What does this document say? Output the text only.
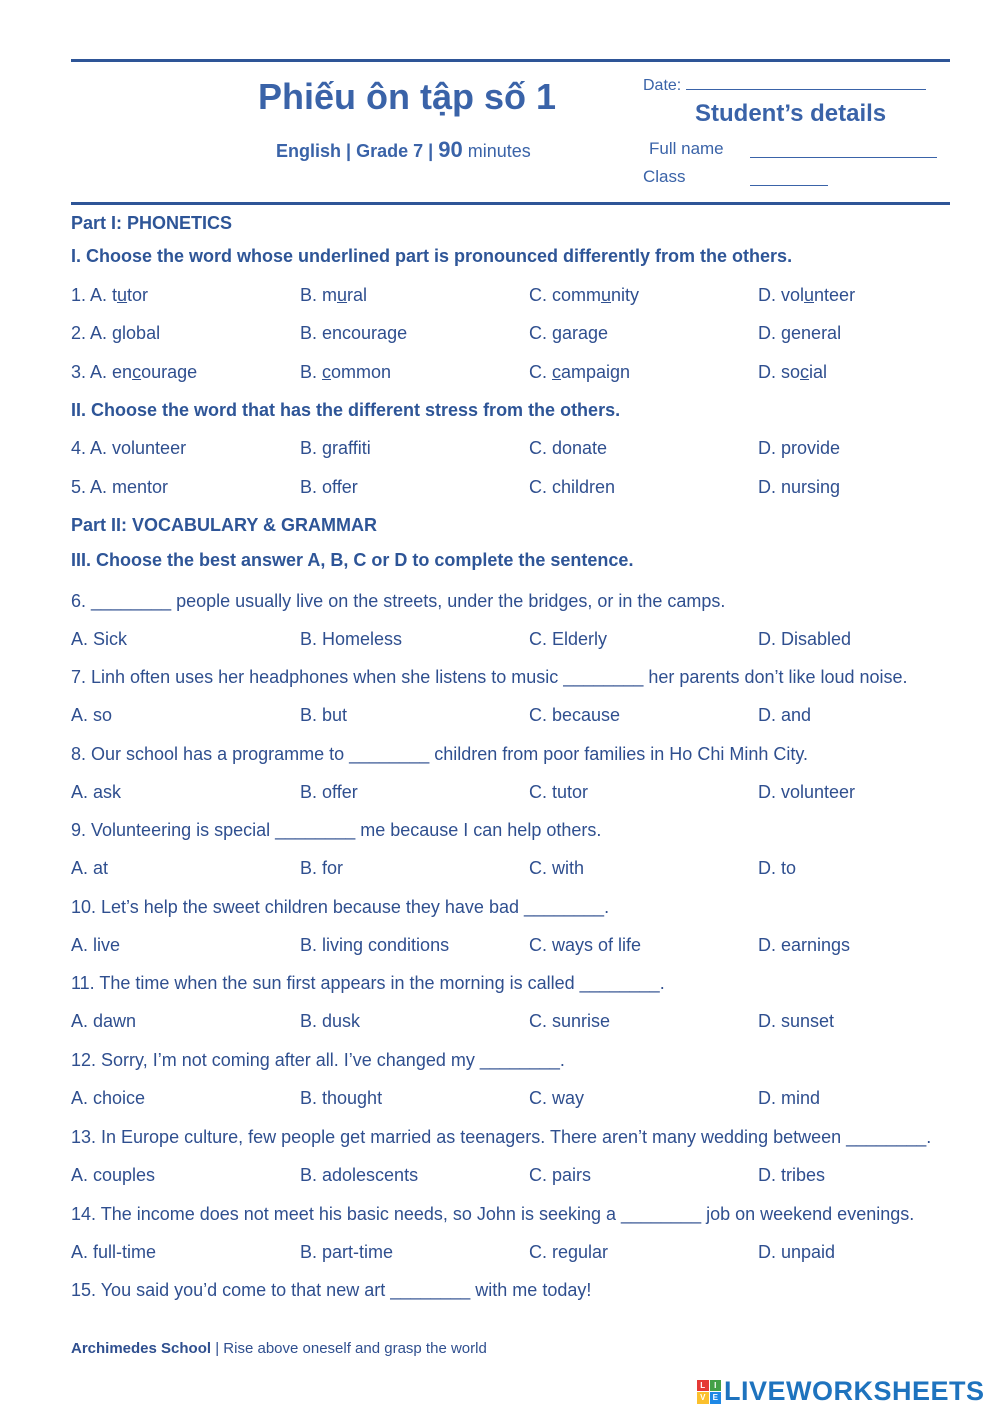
Phiếu ôn tập số 1
English | Grade 7 | 90 minutes
Date:
Student’s details
Full name
Class
Part I: PHONETICS
I. Choose the word whose underlined part is pronounced differently from the others.
1. A. tutor	B. mural	C. community	D. volunteer
2. A. global	B. encourage	C. garage	D. general
3. A. encourage	B. common	C. campaign	D. social
II. Choose the word that has the different stress from the others.
4. A. volunteer	B. graffiti	C. donate	D. provide
5. A. mentor	B. offer	C. children	D. nursing
Part II: VOCABULARY & GRAMMAR
III. Choose the best answer A, B, C or D to complete the sentence.
6. ________ people usually live on the streets, under the bridges, or in the camps.
A. Sick	B. Homeless	C. Elderly	D. Disabled
7. Linh often uses her headphones when she listens to music ________ her parents don’t like loud noise.
A. so	B. but	C. because	D. and
8. Our school has a programme to ________ children from poor families in Ho Chi Minh City.
A. ask	B. offer	C. tutor	D. volunteer
9. Volunteering is special ________ me because I can help others.
A. at	B. for	C. with	D. to
10. Let’s help the sweet children because they have bad ________.
A. live	B. living conditions	C. ways of life	D. earnings
11. The time when the sun first appears in the morning is called ________.
A. dawn	B. dusk	C. sunrise	D. sunset
12. Sorry, I’m not coming after all. I’ve changed my ________.
A. choice	B. thought	C. way	D. mind
13. In Europe culture, few people get married as teenagers. There aren’t many wedding between ________.
A. couples	B. adolescents	C. pairs	D. tribes
14. The income does not meet his basic needs, so John is seeking a ________ job on weekend evenings.
A. full-time	B. part-time	C. regular	D. unpaid
15. You said you’d come to that new art ________ with me today!
Archimedes School | Rise above oneself and grasp the world
L	I
V E LIVEWORKSHEETS
